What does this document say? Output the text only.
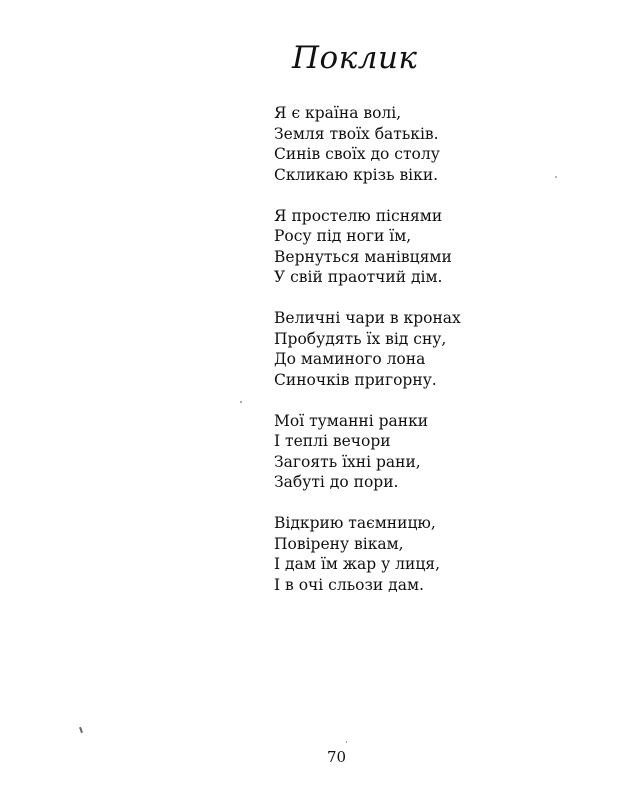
Поклик
Я є країна волі,
Земля твоїх батьків.
Синів своїх до столу
Скликаю крізь віки.
Я простелю піснями
Росу під ноги їм,
Вернуться манівцями
У свій праотчий дім.
Величні чари в кронах
Пробудять їх від сну,
До маминого лона
Синочків пригорну.
Мої туманні ранки
І теплі вечори
Загоять їхні рани,
Забуті до пори.
Відкрию таємницю,
Повірену вікам,
І дам їм жар у лиця,
І в очі сльози дам.
70
